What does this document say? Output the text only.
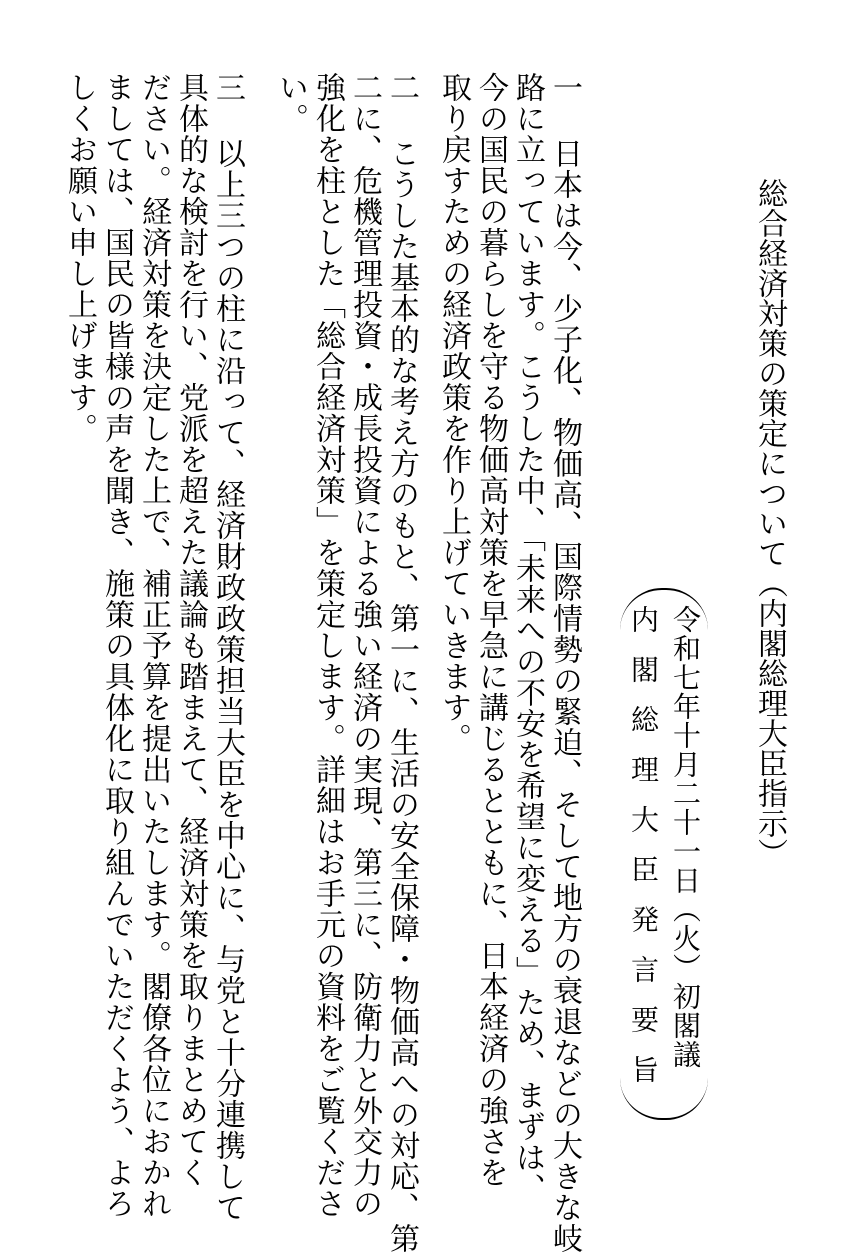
総合経済対策の策定について（内閣総理大臣指示）
令和七年十月二十一日（火）初閣議
内閣総理大臣発言要旨
一
日本は今、少子化、物価高、国際情勢の緊迫、そして地方の衰退などの大きな岐
路に立っています。こうした中、「未来への不安を希望に変える」ため、まずは、
今の国民の暮らしを守る物価高対策を早急に講じるとともに、日本経済の強さを
取り戻すための経済政策を作り上げていきます。
二
こうした基本的な考え方のもと、第一に、生活の安全保障・物価高への対応、第
二に、危機管理投資・成長投資による強い経済の実現、第三に、防衛力と外交力の
強化を柱とした「総合経済対策」を策定します。詳細はお手元の資料をご覧くださ
い。
三
以上三つの柱に沿って、経済財政政策担当大臣を中心に、与党と十分連携して
具体的な検討を行い、党派を超えた議論も踏まえて、経済対策を取りまとめてく
ださい。経済対策を決定した上で、補正予算を提出いたします。閣僚各位におかれ
ましては、国民の皆様の声を聞き、施策の具体化に取り組んでいただくよう、よろ
しくお願い申し上げます。
